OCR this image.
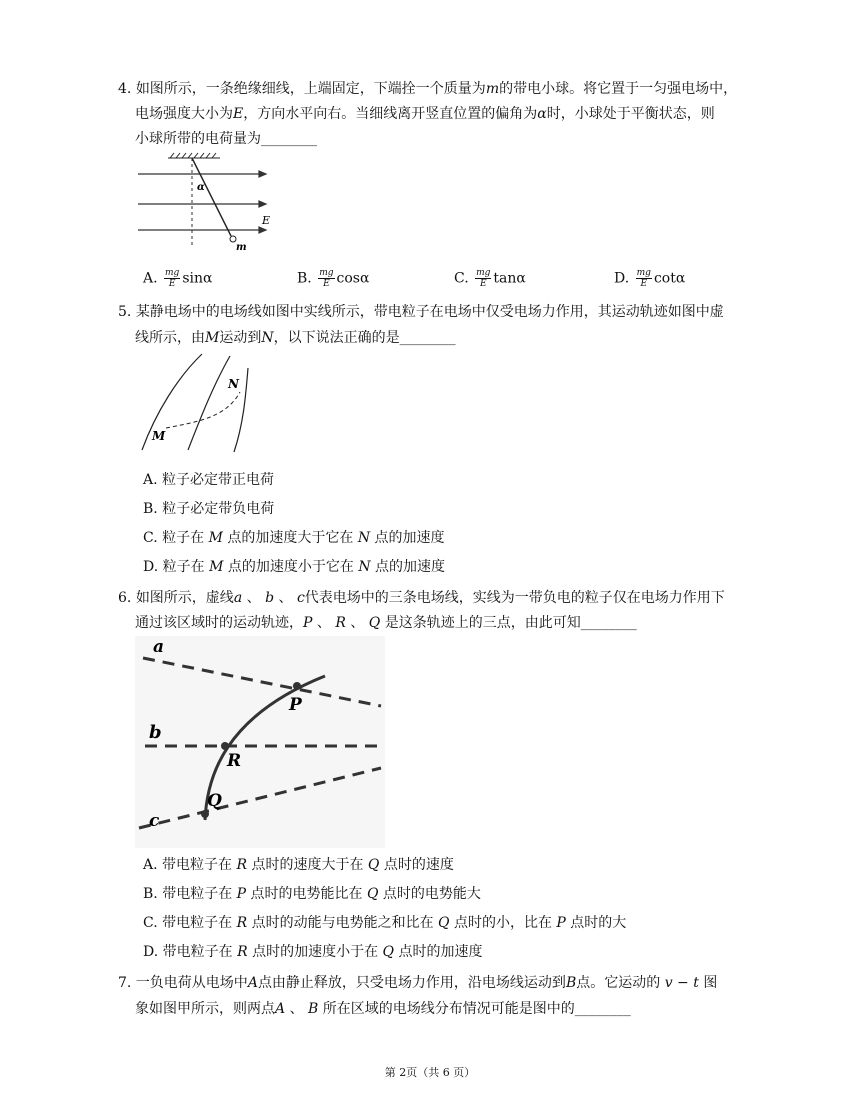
4. 如图所示，一条绝缘细线，上端固定，下端拴一个质量为m的带电小球。将它置于一匀强电场中，
电场强度大小为E，方向水平向右。当细线离开竖直位置的偏角为α时，小球处于平衡状态，则
小球所带的电荷量为________
α
E
m
A. $\frac{mg}{E}$ sinα	B. $\frac{mg}{E}$ cosα	C. $\frac{mg}{E}$ tanα	D. $\frac{mg}{E}$ cotα
5. 某静电场中的电场线如图中实线所示，带电粒子在电场中仅受电场力作用，其运动轨迹如图中虚
线所示，由M运动到N，以下说法正确的是________
M
N
A. 粒子必定带正电荷
B. 粒子必定带负电荷
C. 粒子在 M 点的加速度大于它在 N 点的加速度
D. 粒子在 M 点的加速度小于它在 N 点的加速度
6. 如图所示，虚线a 、 b 、 c代表电场中的三条电场线，实线为一带负电的粒子仅在电场力作用下
通过该区域时的运动轨迹，P 、 R 、 Q 是这条轨迹上的三点，由此可知________
a
b
c
P
R
Q
A. 带电粒子在 R 点时的速度大于在 Q 点时的速度
B. 带电粒子在 P 点时的电势能比在 Q 点时的电势能大
C. 带电粒子在 R 点时的动能与电势能之和比在 Q 点时的小，比在 P 点时的大
D. 带电粒子在 R 点时的加速度小于在 Q 点时的加速度
7. 一负电荷从电场中A点由静止释放，只受电场力作用，沿电场线运动到B点。它运动的 v − t 图
象如图甲所示，则两点A 、 B 所在区域的电场线分布情况可能是图中的________
第 2页（共 6 页）
